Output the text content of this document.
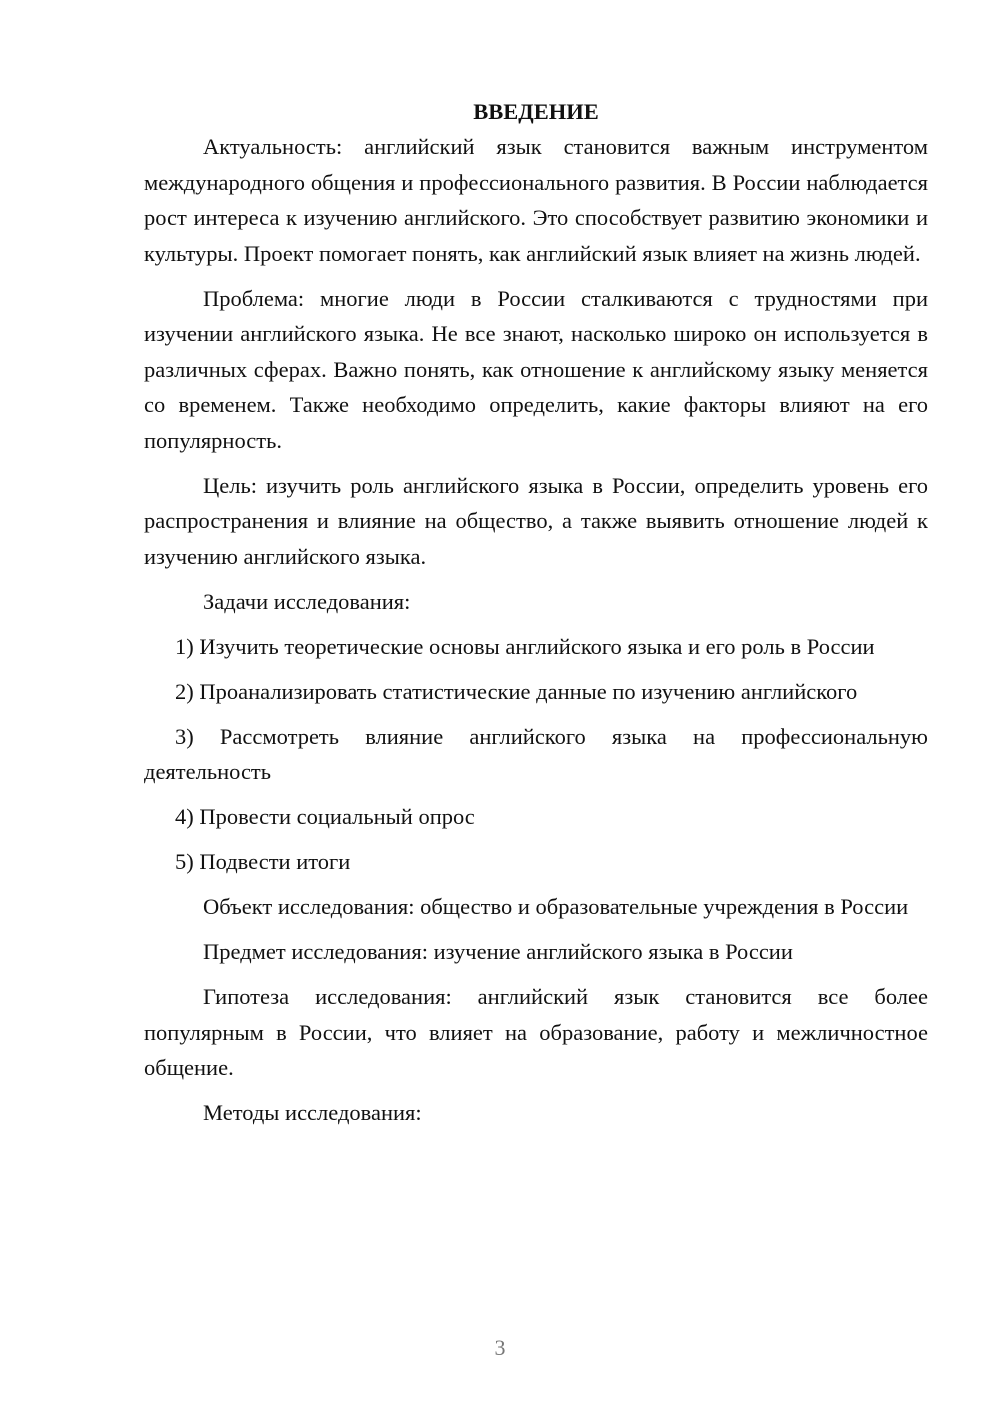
ВВЕДЕНИЕ

Актуальность: английский язык становится важным инструментом международного общения и профессионального развития. В России наблюдается рост интереса к изучению английского. Это способствует развитию экономики и культуры. Проект помогает понять, как английский язык влияет на жизнь людей.

Проблема: многие люди в России сталкиваются с трудностями при изучении английского языка. Не все знают, насколько широко он используется в различных сферах. Важно понять, как отношение к английскому языку меняется со временем. Также необходимо определить, какие факторы влияют на его популярность.

Цель: изучить роль английского языка в России, определить уровень его распространения и влияние на общество, а также выявить отношение людей к изучению английского языка.

Задачи исследования:

1) Изучить теоретические основы английского языка и его роль в России

2) Проанализировать статистические данные по изучению английского

3) Рассмотреть влияние английского языка на профессиональную деятельность

4) Провести социальный опрос

5) Подвести итоги

Объект исследования: общество и образовательные учреждения в России

Предмет исследования: изучение английского языка в России

Гипотеза исследования: английский язык становится все более популярным в России, что влияет на образование, работу и межличностное общение.

Методы исследования:

3
